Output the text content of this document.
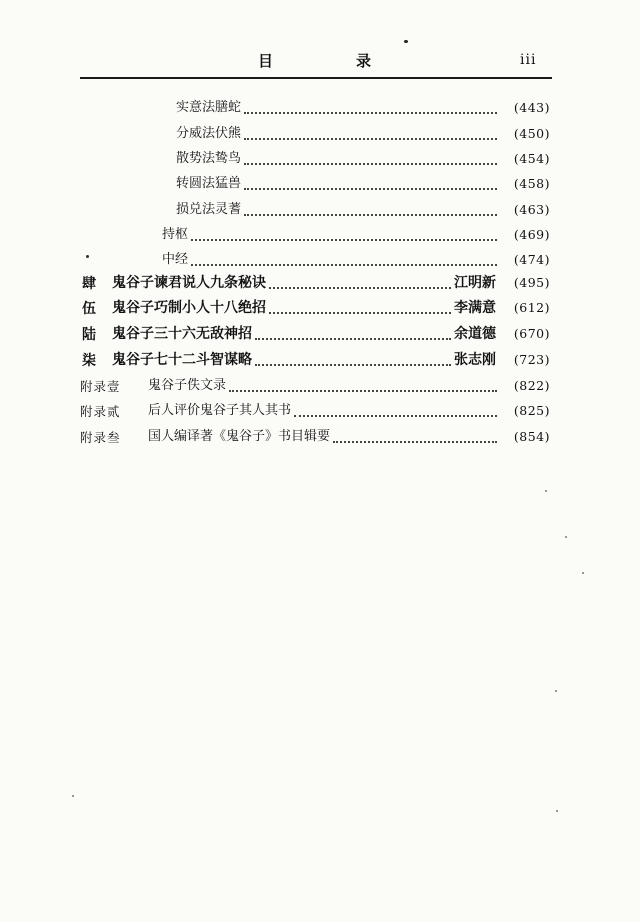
目	录	iii
实意法膳蛇	(443)
分威法伏熊	(450)
散势法鸷鸟	(454)
转圆法猛兽	(458)
损兑法灵蓍	(463)
持枢	(469)
中经	(474)
肆 鬼谷子谏君说人九条秘诀	江明新	(495)
伍 鬼谷子巧制小人十八绝招	李满意	(612)
陆 鬼谷子三十六无敌神招	余道德	(670)
柒 鬼谷子七十二斗智谋略	张志刚	(723)
附录壹 鬼谷子佚文录	(822)
附录贰 后人评价鬼谷子其人其书	(825)
附录叁 国人编译著《鬼谷子》书目辑要	(854)
